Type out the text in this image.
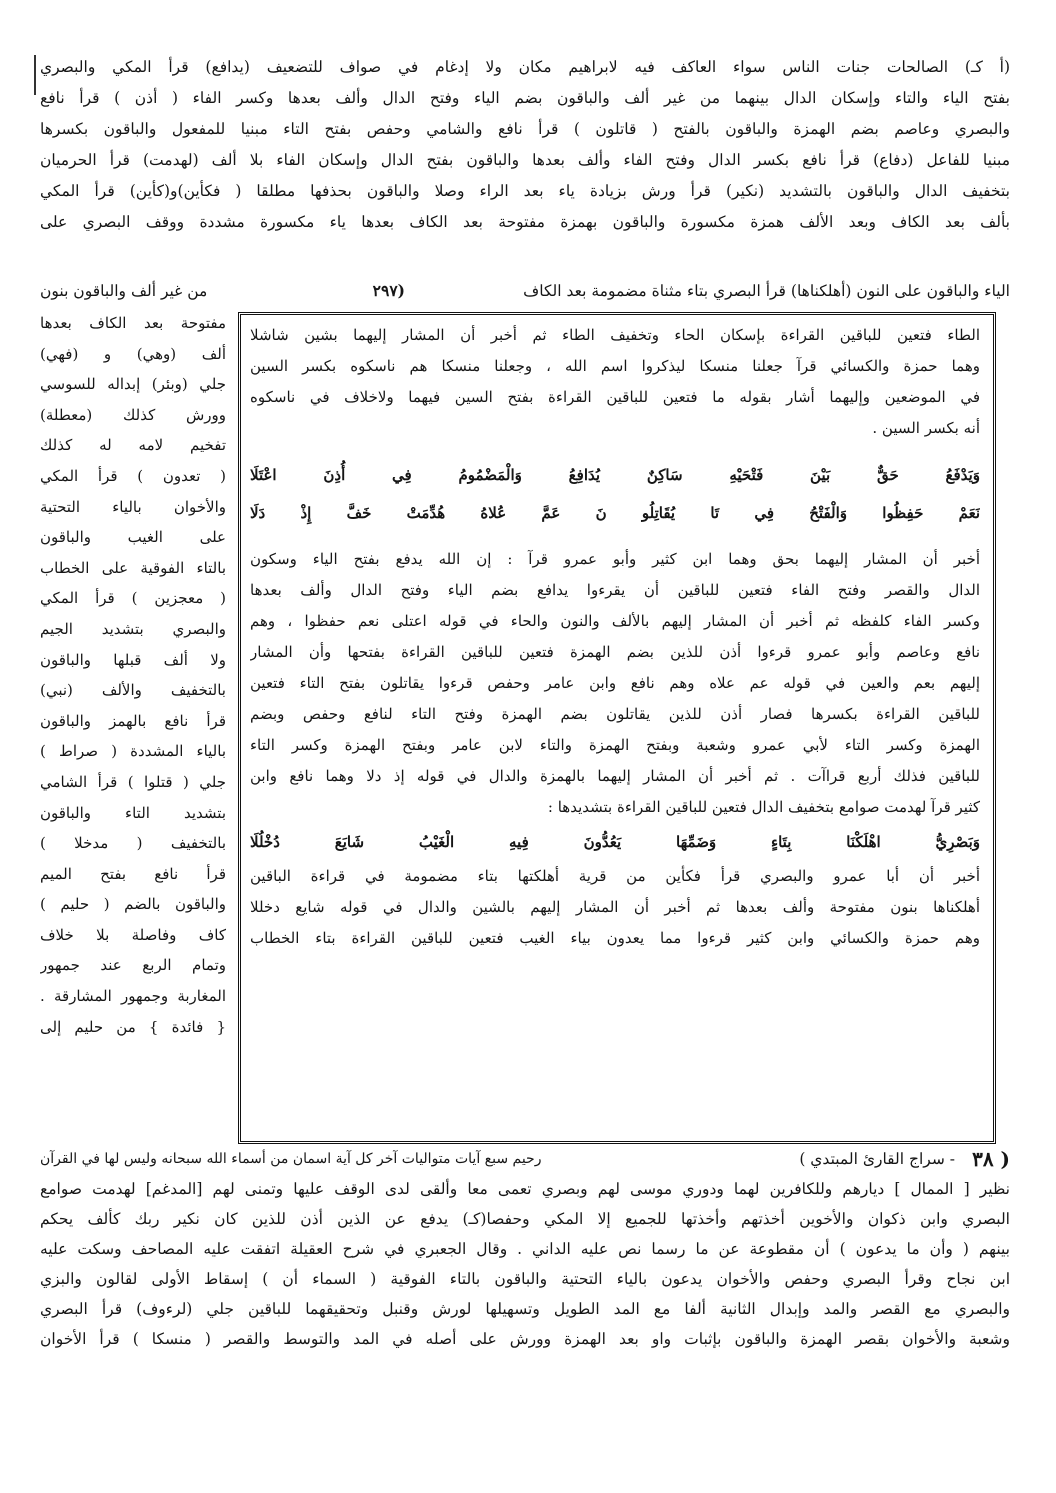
(أ كـ) الصالحات جنات الناس سواء العاكف فيه لابراهيم مكان ولا إدغام في صواف للتضعيف (يدافع) قرأ المكي والبصري
بفتح الياء والتاء وإسكان الدال بينهما من غير ألف والباقون بضم الياء وفتح الدال وألف بعدها وكسر الفاء ( أذن ) قرأ نافع
والبصري وعاصم بضم الهمزة والباقون بالفتح ( قاتلون ) قرأ نافع والشامي وحفص بفتح التاء مبنيا للمفعول والباقون بكسرها
مبنيا للفاعل (دفاع) قرأ نافع بكسر الدال وفتح الفاء وألف بعدها والباقون بفتح الدال وإسكان الفاء بلا ألف (لهدمت) قرأ الحرميان
بتخفيف الدال والباقون بالتشديد (نكير) قرأ ورش بزيادة ياء بعد الراء وصلا والباقون بحذفها مطلقا ( فكأين)و(كأين) قرأ المكي
بألف بعد الكاف وبعد الألف همزة مكسورة والباقون بهمزة مفتوحة بعد الكاف بعدها ياء مكسورة مشددة ووقف البصري على
الياء والباقون على النون (أهلكناها) قرأ البصري بتاء مثناة مضمومة بعد الكاف
(٢٩٧
من غير ألف والباقون بنون
الطاء فتعين للباقين القراءة بإسكان الحاء وتخفيف الطاء ثم أخبر أن المشار إليهما بشين شاشلا
وهما حمزة والكسائي قرآ جعلنا منسكا ليذكروا اسم الله ، وجعلنا منسكا هم ناسكوه بكسر السين
في الموضعين وإليهما أشار بقوله ما فتعين للباقين القراءة بفتح السين فيهما ولاخلاف في ناسكوه
أنه بكسر السين .
وَيَدْفَعُ حَقٌّ بَيْنَ فَتْحَيْهِ سَاكِنٌ يُدَافِعُ وَالْمَضْمُومُ فِي أُذِنَ اعْتَلَا
نَعَمْ حَفِظُوا وَالْفَتْحُ فِي تَا يُقَاتِلُو نَ عَمَّ عُلاهُ هُدِّمَتْ خَفَّ إِذْ دَلَا
أخبر أن المشار إليهما بحق وهما ابن كثير وأبو عمرو قرآ : إن الله يدفع بفتح الياء وسكون
الدال والقصر وفتح الفاء فتعين للباقين أن يقرءوا يدافع بضم الياء وفتح الدال وألف بعدها
وكسر الفاء كلفظه ثم أخبر أن المشار إليهم بالألف والنون والحاء في قوله اعتلى نعم حفظوا ، وهم
نافع وعاصم وأبو عمرو قرءوا أذن للذين بضم الهمزة فتعين للباقين القراءة بفتحها وأن المشار
إليهم بعم والعين في قوله عم علاه وهم نافع وابن عامر وحفص قرءوا يقاتلون بفتح التاء فتعين
للباقين القراءة بكسرها فصار أذن للذين يقاتلون بضم الهمزة وفتح التاء لنافع وحفص وبضم
الهمزة وكسر التاء لأبي عمرو وشعبة وبفتح الهمزة والتاء لابن عامر وبفتح الهمزة وكسر التاء
للباقين فذلك أربع قراآت . ثم أخبر أن المشار إليهما بالهمزة والدال في قوله إذ دلا وهما نافع وابن
كثير قرآ لهدمت صوامع بتخفيف الدال فتعين للباقين القراءة بتشديدها :
وَبَصْرِيُّ اهْلَكْنَا بِتَاءٍ وَضَمِّهَا يَعُدُّونَ فِيهِ الْغَيْبُ شَايَعَ دُخْلُلَا
أخبر أن أبا عمرو والبصري قرأ فكأين من قرية أهلكتها بتاء مضمومة في قراءة الباقين
أهلكناها بنون مفتوحة وألف بعدها ثم أخبر أن المشار إليهم بالشين والدال في قوله شايع دخللا
وهم حمزة والكسائي وابن كثير قرءوا مما يعدون بياء الغيب فتعين للباقين القراءة بتاء الخطاب
مفتوحة بعد الكاف بعدها
ألف (وهي) و (فهي)
جلي (وبئر) إبداله للسوسي
وورش كذلك (معطلة)
تفخيم لامه له كذلك
( تعدون ) قرأ المكي
والأخوان بالياء التحتية
على الغيب والباقون
بالتاء الفوقية على الخطاب
( معجزين ) قرأ المكي
والبصري بتشديد الجيم
ولا ألف قبلها والباقون
بالتخفيف والألف (نبي)
قرأ نافع بالهمز والباقون
بالياء المشددة ( صراط )
جلي ( قتلوا ) قرأ الشامي
بتشديد التاء والباقون
بالتخفيف ( مدخلا )
قرأ نافع بفتح الميم
والباقون بالضم ( حليم )
كاف وفاصلة بلا خلاف
وتمام الربع عند جمهور
المغاربة وجمهور المشارقة .
{ فائدة } من حليم إلى
( ٣٨
- سراج القارئ المبتدي )
رحيم سبع آيات متواليات آخر كل آية اسمان من أسماء الله سبحانه وليس لها في القرآن
نظير [ الممال ] ديارهم وللكافرين لهما ودوري موسى لهم وبصري تعمى معا وألقى لدى الوقف عليها وتمنى لهم [المدغم] لهدمت صوامع
البصري وابن ذكوان والأخوين أخذتهم وأخذتها للجميع إلا المكي وحفصا(كـ) يدفع عن الذين أذن للذين كان نكير ربك كألف يحكم
بينهم ( وأن ما يدعون ) أن مقطوعة عن ما رسما نص عليه الداني . وقال الجعبري في شرح العقيلة اتفقت عليه المصاحف وسكت عليه
ابن نجاح وقرأ البصري وحفص والأخوان يدعون بالياء التحتية والباقون بالتاء الفوقية ( السماء أن ) إسقاط الأولى لقالون والبزي
والبصري مع القصر والمد وإبدال الثانية ألفا مع المد الطويل وتسهيلها لورش وقنبل وتحقيقهما للباقين جلي (لرءوف) قرأ البصري
وشعبة والأخوان بقصر الهمزة والباقون بإثبات واو بعد الهمزة وورش على أصله في المد والتوسط والقصر ( منسكا ) قرأ الأخوان
